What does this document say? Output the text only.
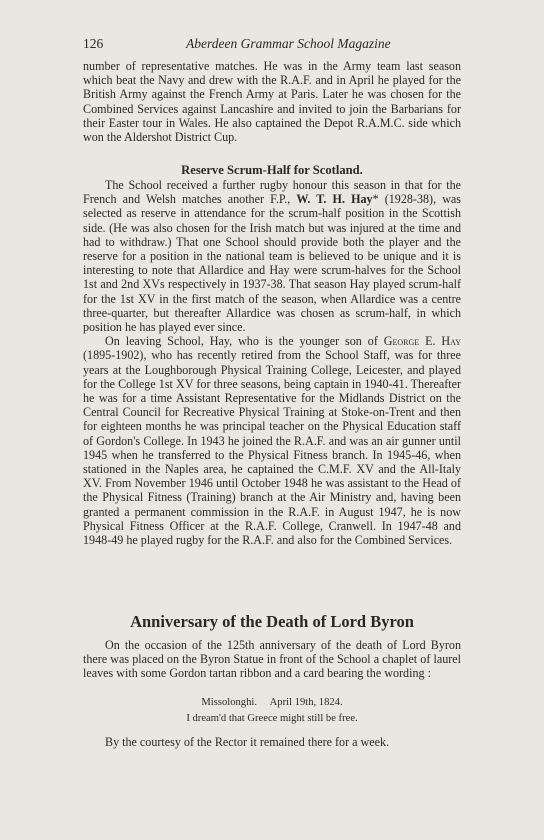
126	Aberdeen Grammar School Magazine

number of representative matches. He was in the Army team last season which beat the Navy and drew with the R.A.F. and in April he played for the British Army against the French Army at Paris. Later he was chosen for the Combined Services against Lancashire and invited to join the Barbarians for their Easter tour in Wales. He also captained the Depot R.A.M.C. side which won the Aldershot District Cup.

Reserve Scrum-Half for Scotland.

The School received a further rugby honour this season in that for the French and Welsh matches another F.P., W. T. H. Hay* (1928-38), was selected as reserve in attendance for the scrum-half position in the Scottish side. (He was also chosen for the Irish match but was injured at the time and had to withdraw.) That one School should provide both the player and the reserve for a position in the national team is believed to be unique and it is interesting to note that Allardice and Hay were scrum-halves for the School 1st and 2nd XVs respectively in 1937-38. That season Hay played scrum-half for the 1st XV in the first match of the season, when Allardice was a centre three-quarter, but thereafter Allardice was chosen as scrum-half, in which position he has played ever since.

On leaving School, Hay, who is the younger son of George E. Hay (1895-1902), who has recently retired from the School Staff, was for three years at the Loughborough Physical Training College, Leicester, and played for the College 1st XV for three seasons, being captain in 1940-41. Thereafter he was for a time Assistant Representative for the Midlands District on the Central Council for Recreative Physical Training at Stoke-on-Trent and then for eighteen months he was principal teacher on the Physical Education staff of Gordon's College. In 1943 he joined the R.A.F. and was an air gunner until 1945 when he transferred to the Physical Fitness branch. In 1945-46, when stationed in the Naples area, he captained the C.M.F. XV and the All-Italy XV. From November 1946 until October 1948 he was assistant to the Head of the Physical Fitness (Training) branch at the Air Ministry and, having been granted a permanent commission in the R.A.F. in August 1947, he is now Physical Fitness Officer at the R.A.F. College, Cranwell. In 1947-48 and 1948-49 he played rugby for the R.A.F. and also for the Combined Services.

Anniversary of the Death of Lord Byron

On the occasion of the 125th anniversary of the death of Lord Byron there was placed on the Byron Statue in front of the School a chaplet of laurel leaves with some Gordon tartan ribbon and a card bearing the wording :

Missolonghi.     April 19th, 1824.
I dream'd that Greece might still be free.

By the courtesy of the Rector it remained there for a week.
